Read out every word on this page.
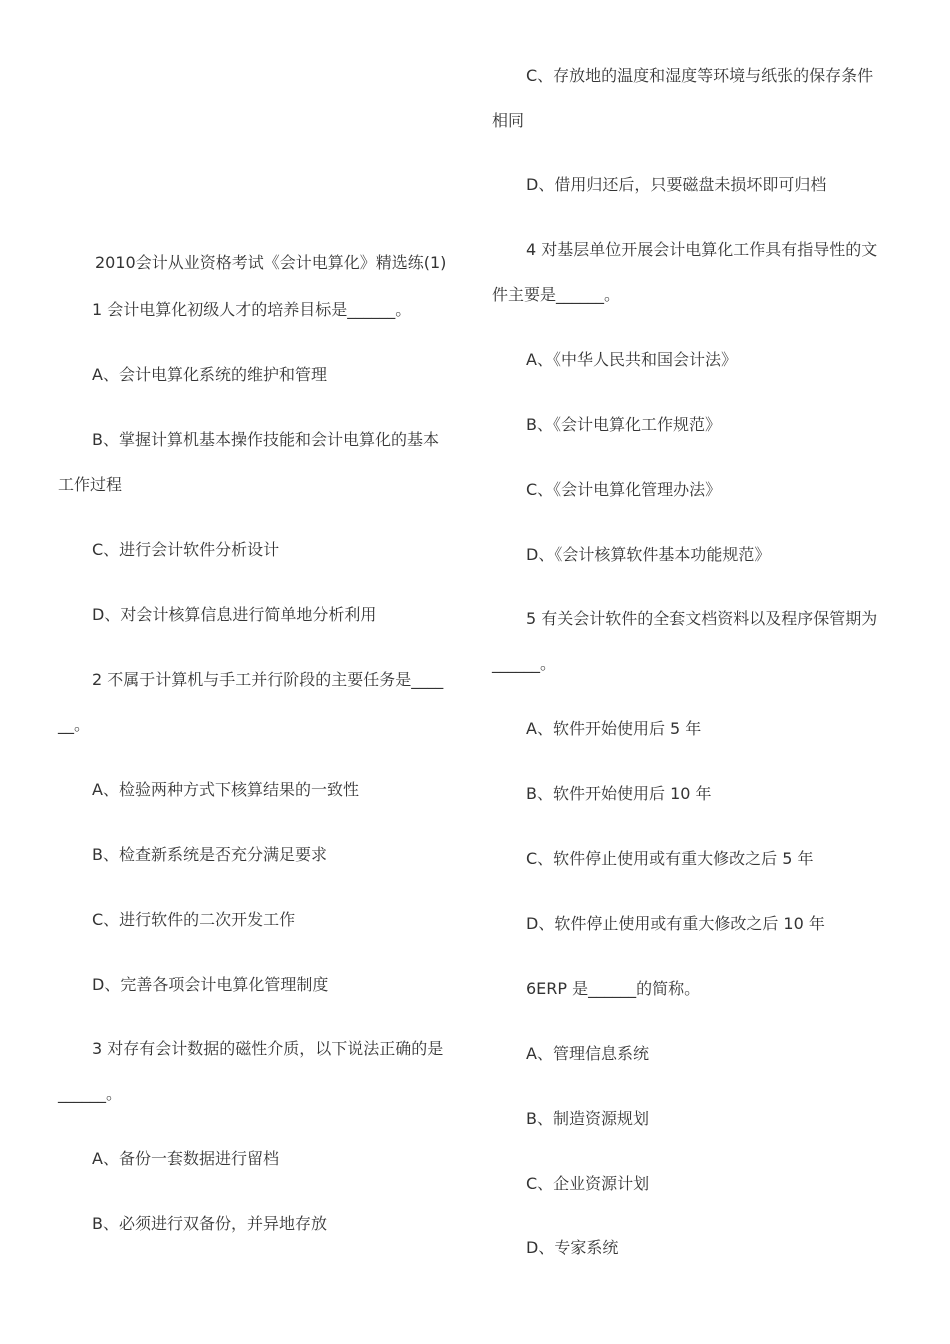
2010会计从业资格考试《会计电算化》精选练(1)
1 会计电算化初级人才的培养目标是______。
A、会计电算化系统的维护和管理
B、掌握计算机基本操作技能和会计电算化的基本
工作过程
C、进行会计软件分析设计
D、对会计核算信息进行简单地分析利用
2 不属于计算机与手工并行阶段的主要任务是____
__。
A、检验两种方式下核算结果的一致性
B、检查新系统是否充分满足要求
C、进行软件的二次开发工作
D、完善各项会计电算化管理制度
3 对存有会计数据的磁性介质，以下说法正确的是
______。
A、备份一套数据进行留档
B、必须进行双备份，并异地存放
C、存放地的温度和湿度等环境与纸张的保存条件
相同
D、借用归还后，只要磁盘未损坏即可归档
4 对基层单位开展会计电算化工作具有指导性的文
件主要是______。
A、《中华人民共和国会计法》
B、《会计电算化工作规范》
C、《会计电算化管理办法》
D、《会计核算软件基本功能规范》
5 有关会计软件的全套文档资料以及程序保管期为
______。
A、软件开始使用后 5 年
B、软件开始使用后 10 年
C、软件停止使用或有重大修改之后 5 年
D、软件停止使用或有重大修改之后 10 年
6ERP 是______的简称。
A、管理信息系统
B、制造资源规划
C、企业资源计划
D、专家系统
